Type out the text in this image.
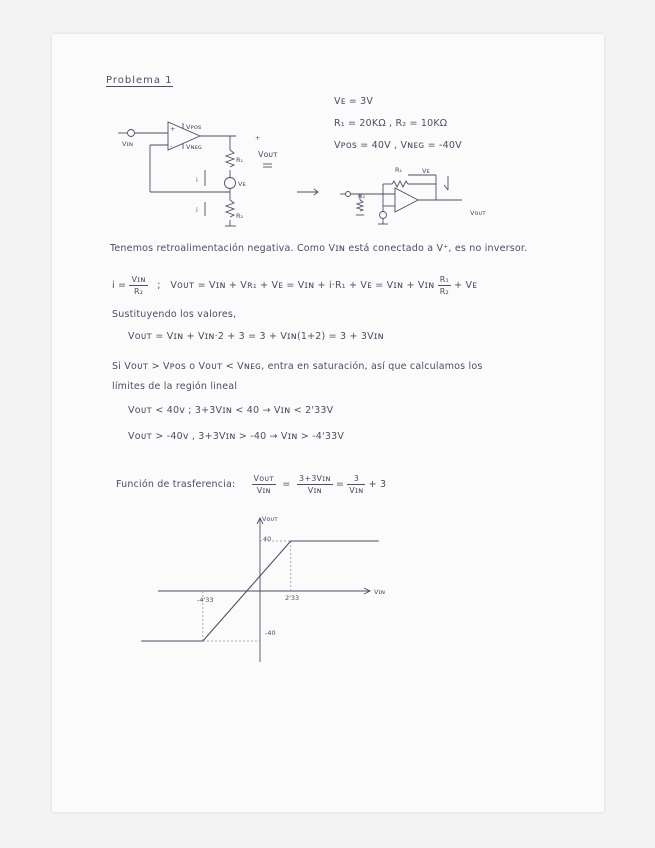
Problema 1
Vᴇ = 3V
R₁ = 20KΩ , R₂ = 10KΩ
Vᴘᴏs = 40V , Vɴᴇɢ = -40V
Vᴘᴏs
Vɴᴇɢ
Vɪɴ
+
-
R₁
Vᴇ
R₂
+
Vᴏᴜᴛ
i
i
R₁	Vᴇ
R₂
Vᴏᴜᴛ
Tenemos retroalimentación negativa. Como Vɪɴ está conectado a V⁺, es no inversor.
$i = \frac{\text{Vɪɴ}}{\text{R₂}}$ ; Vᴏᴜᴛ = Vɪɴ + Vʀ₁ + Vᴇ = Vɪɴ + i·R₁ + Vᴇ = Vɪɴ + Vɪɴ $\frac{\text{R₁}}{\text{R₂}}$ + Vᴇ
Sustituyendo los valores,
Vᴏᴜᴛ = Vɪɴ + Vɪɴ·2 + 3 = 3 + Vɪɴ(1+2) = 3 + 3Vɪɴ
Si Vᴏᴜᴛ > Vᴘᴏs o Vᴏᴜᴛ < Vɴᴇɢ, entra en saturación, así que calculamos los
límites de la región lineal
Vᴏᴜᴛ < 40v ; 3+3Vɪɴ < 40 → Vɪɴ < 2'33V
Vᴏᴜᴛ > -40v , 3+3Vɪɴ > -40 → Vɪɴ > -4'33V
Función de trasferencia: $\frac{\text{Vᴏᴜᴛ}}{\text{Vɪɴ}} = \frac{\text{3+3Vɪɴ}}{\text{Vɪɴ}} = \frac{3}{\text{Vɪɴ}} + 3$
Vᴏᴜᴛ
Vɪɴ
40
-40
-4'33	2'33
